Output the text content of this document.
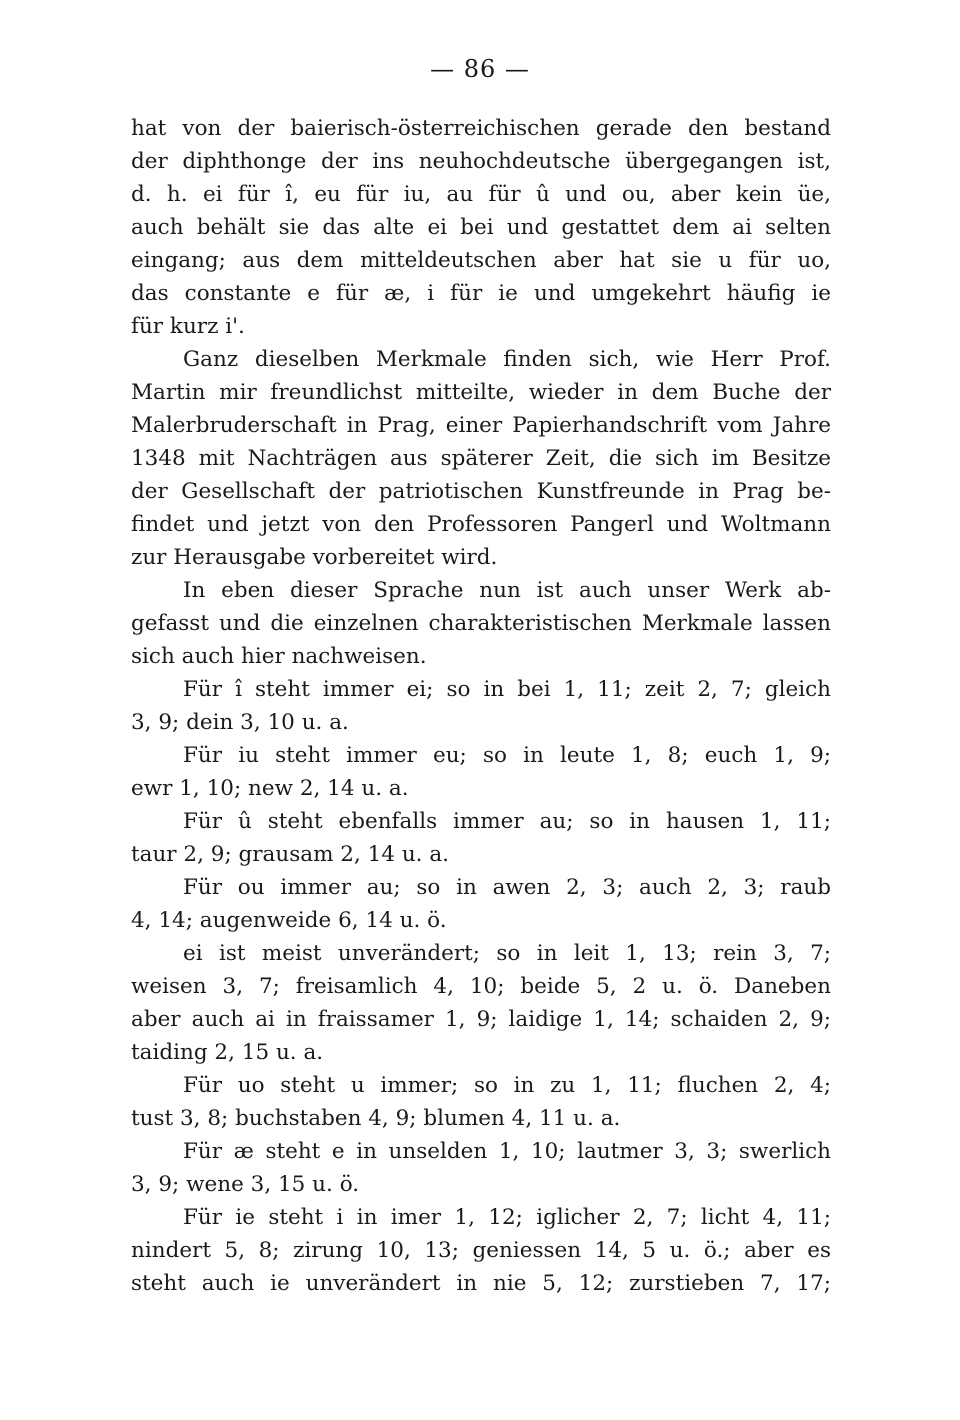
— 86 —
hat von der baierisch-österreichischen gerade den bestand
der diphthonge der ins neuhochdeutsche übergegangen ist,
d. h. ei für î, eu für iu, au für û und ou, aber kein üe,
auch behält sie das alte ei bei und gestattet dem ai selten
eingang; aus dem mitteldeutschen aber hat sie u für uo,
das constante e für æ, i für ie und umgekehrt häufig ie
für kurz i'.
Ganz dieselben Merkmale finden sich, wie Herr Prof.
Martin mir freundlichst mitteilte, wieder in dem Buche der
Malerbruderschaft in Prag, einer Papierhandschrift vom Jahre
1348 mit Nachträgen aus späterer Zeit, die sich im Besitze
der Gesellschaft der patriotischen Kunstfreunde in Prag be-
findet und jetzt von den Professoren Pangerl und Woltmann
zur Herausgabe vorbereitet wird.
In eben dieser Sprache nun ist auch unser Werk ab-
gefasst und die einzelnen charakteristischen Merkmale lassen
sich auch hier nachweisen.
Für î steht immer ei; so in bei 1, 11; zeit 2, 7; gleich
3, 9; dein 3, 10 u. a.
Für iu steht immer eu; so in leute 1, 8; euch 1, 9;
ewr 1, 10; new 2, 14 u. a.
Für û steht ebenfalls immer au; so in hausen 1, 11;
taur 2, 9; grausam 2, 14 u. a.
Für ou immer au; so in awen 2, 3; auch 2, 3; raub
4, 14; augenweide 6, 14 u. ö.
ei ist meist unverändert; so in leit 1, 13; rein 3, 7;
weisen 3, 7; freisamlich 4, 10; beide 5, 2 u. ö. Daneben
aber auch ai in fraissamer 1, 9; laidige 1, 14; schaiden 2, 9;
taiding 2, 15 u. a.
Für uo steht u immer; so in zu 1, 11; fluchen 2, 4;
tust 3, 8; buchstaben 4, 9; blumen 4, 11 u. a.
Für æ steht e in unselden 1, 10; lautmer 3, 3; swerlich
3, 9; wene 3, 15 u. ö.
Für ie steht i in imer 1, 12; iglicher 2, 7; licht 4, 11;
nindert 5, 8; zirung 10, 13; geniessen 14, 5 u. ö.; aber es
steht auch ie unverändert in nie 5, 12; zurstieben 7, 17;
